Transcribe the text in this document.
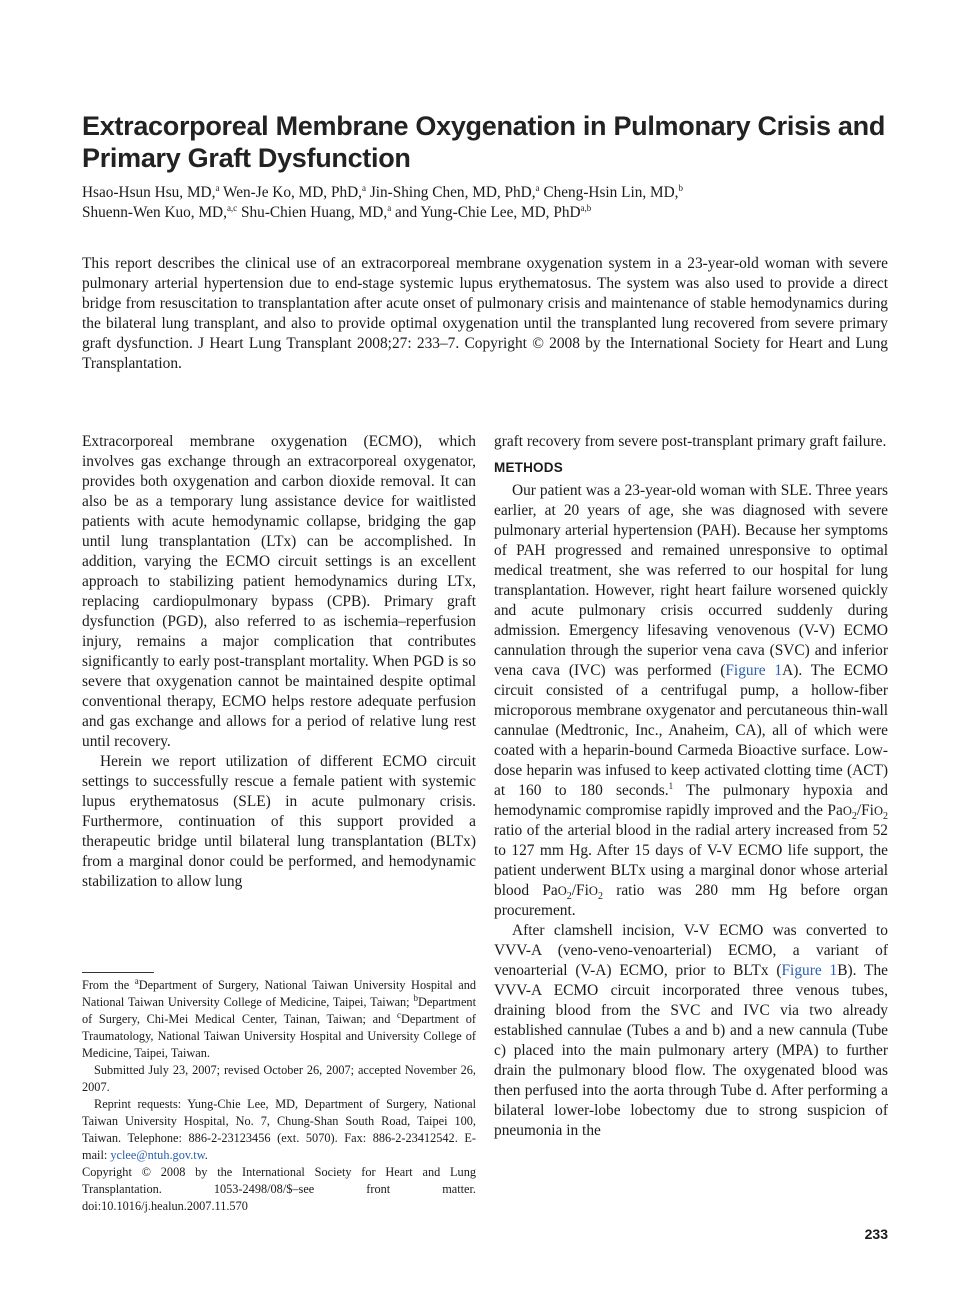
Extracorporeal Membrane Oxygenation in Pulmonary Crisis and Primary Graft Dysfunction
Hsao-Hsun Hsu, MD,$^a$ Wen-Je Ko, MD, PhD,$^a$ Jin-Shing Chen, MD, PhD,$^a$ Cheng-Hsin Lin, MD,$^b$
Shuenn-Wen Kuo, MD,$^{a,c}$ Shu-Chien Huang, MD,$^a$ and Yung-Chie Lee, MD, PhD$^{a,b}$
This report describes the clinical use of an extracorporeal membrane oxygenation system in a 23-year-old woman with severe pulmonary arterial hypertension due to end-stage systemic lupus erythematosus. The system was also used to provide a direct bridge from resuscitation to transplantation after acute onset of pulmonary crisis and maintenance of stable hemodynamics during the bilateral lung transplant, and also to provide optimal oxygenation until the transplanted lung recovered from severe primary graft dysfunction. J Heart Lung Transplant 2008;27: 233–7. Copyright © 2008 by the International Society for Heart and Lung Transplantation.

Extracorporeal membrane oxygenation (ECMO), which involves gas exchange through an extracorporeal oxygenator, provides both oxygenation and carbon dioxide removal. It can also be as a temporary lung assistance device for waitlisted patients with acute hemodynamic collapse, bridging the gap until lung transplantation (LTx) can be accomplished. In addition, varying the ECMO circuit settings is an excellent approach to stabilizing patient hemodynamics during LTx, replacing cardiopulmonary bypass (CPB). Primary graft dysfunction (PGD), also referred to as ischemia–reperfusion injury, remains a major complication that contributes significantly to early post-transplant mortality. When PGD is so severe that oxygenation cannot be maintained despite optimal conventional therapy, ECMO helps restore adequate perfusion and gas exchange and allows for a period of relative lung rest until recovery.

Herein we report utilization of different ECMO circuit settings to successfully rescue a female patient with systemic lupus erythematosus (SLE) in acute pulmonary crisis. Furthermore, continuation of this support provided a therapeutic bridge until bilateral lung transplantation (BLTx) from a marginal donor could be performed, and hemodynamic stabilization to allow lung

graft recovery from severe post-transplant primary graft failure.

METHODS

Our patient was a 23-year-old woman with SLE. Three years earlier, at 20 years of age, she was diagnosed with severe pulmonary arterial hypertension (PAH). Because her symptoms of PAH progressed and remained unresponsive to optimal medical treatment, she was referred to our hospital for lung transplantation. However, right heart failure worsened quickly and acute pulmonary crisis occurred suddenly during admission. Emergency lifesaving venovenous (V-V) ECMO cannulation through the superior vena cava (SVC) and inferior vena cava (IVC) was performed (Figure 1A). The ECMO circuit consisted of a centrifugal pump, a hollow-fiber microporous membrane oxygenator and percutaneous thin-wall cannulae (Medtronic, Inc., Anaheim, CA), all of which were coated with a heparin-bound Carmeda Bioactive surface. Low-dose heparin was infused to keep activated clotting time (ACT) at 160 to 180 seconds.$^1$ The pulmonary hypoxia and hemodynamic compromise rapidly improved and the PaO$_2$/FiO$_2$ ratio of the arterial blood in the radial artery increased from 52 to 127 mm Hg. After 15 days of V-V ECMO life support, the patient underwent BLTx using a marginal donor whose arterial blood PaO$_2$/FiO$_2$ ratio was 280 mm Hg before organ procurement.

After clamshell incision, V-V ECMO was converted to VVV-A (veno-veno-venoarterial) ECMO, a variant of venoarterial (V-A) ECMO, prior to BLTx (Figure 1B). The VVV-A ECMO circuit incorporated three venous tubes, draining blood from the SVC and IVC via two already established cannulae (Tubes a and b) and a new cannula (Tube c) placed into the main pulmonary artery (MPA) to further drain the pulmonary blood flow. The oxygenated blood was then perfused into the aorta through Tube d. After performing a bilateral lower-lobe lobectomy due to strong suspicion of pneumonia in the

From the $^a$Department of Surgery, National Taiwan University Hospital and National Taiwan University College of Medicine, Taipei, Taiwan; $^b$Department of Surgery, Chi-Mei Medical Center, Tainan, Taiwan; and $^c$Department of Traumatology, National Taiwan University Hospital and University College of Medicine, Taipei, Taiwan.

Submitted July 23, 2007; revised October 26, 2007; accepted November 26, 2007.

Reprint requests: Yung-Chie Lee, MD, Department of Surgery, National Taiwan University Hospital, No. 7, Chung-Shan South Road, Taipei 100, Taiwan. Telephone: 886-2-23123456 (ext. 5070). Fax: 886-2-23412542. E-mail: yclee@ntuh.gov.tw.

Copyright © 2008 by the International Society for Heart and Lung Transplantation. 1053-2498/08/$–see front matter. doi:10.1016/j.healun.2007.11.570

233
